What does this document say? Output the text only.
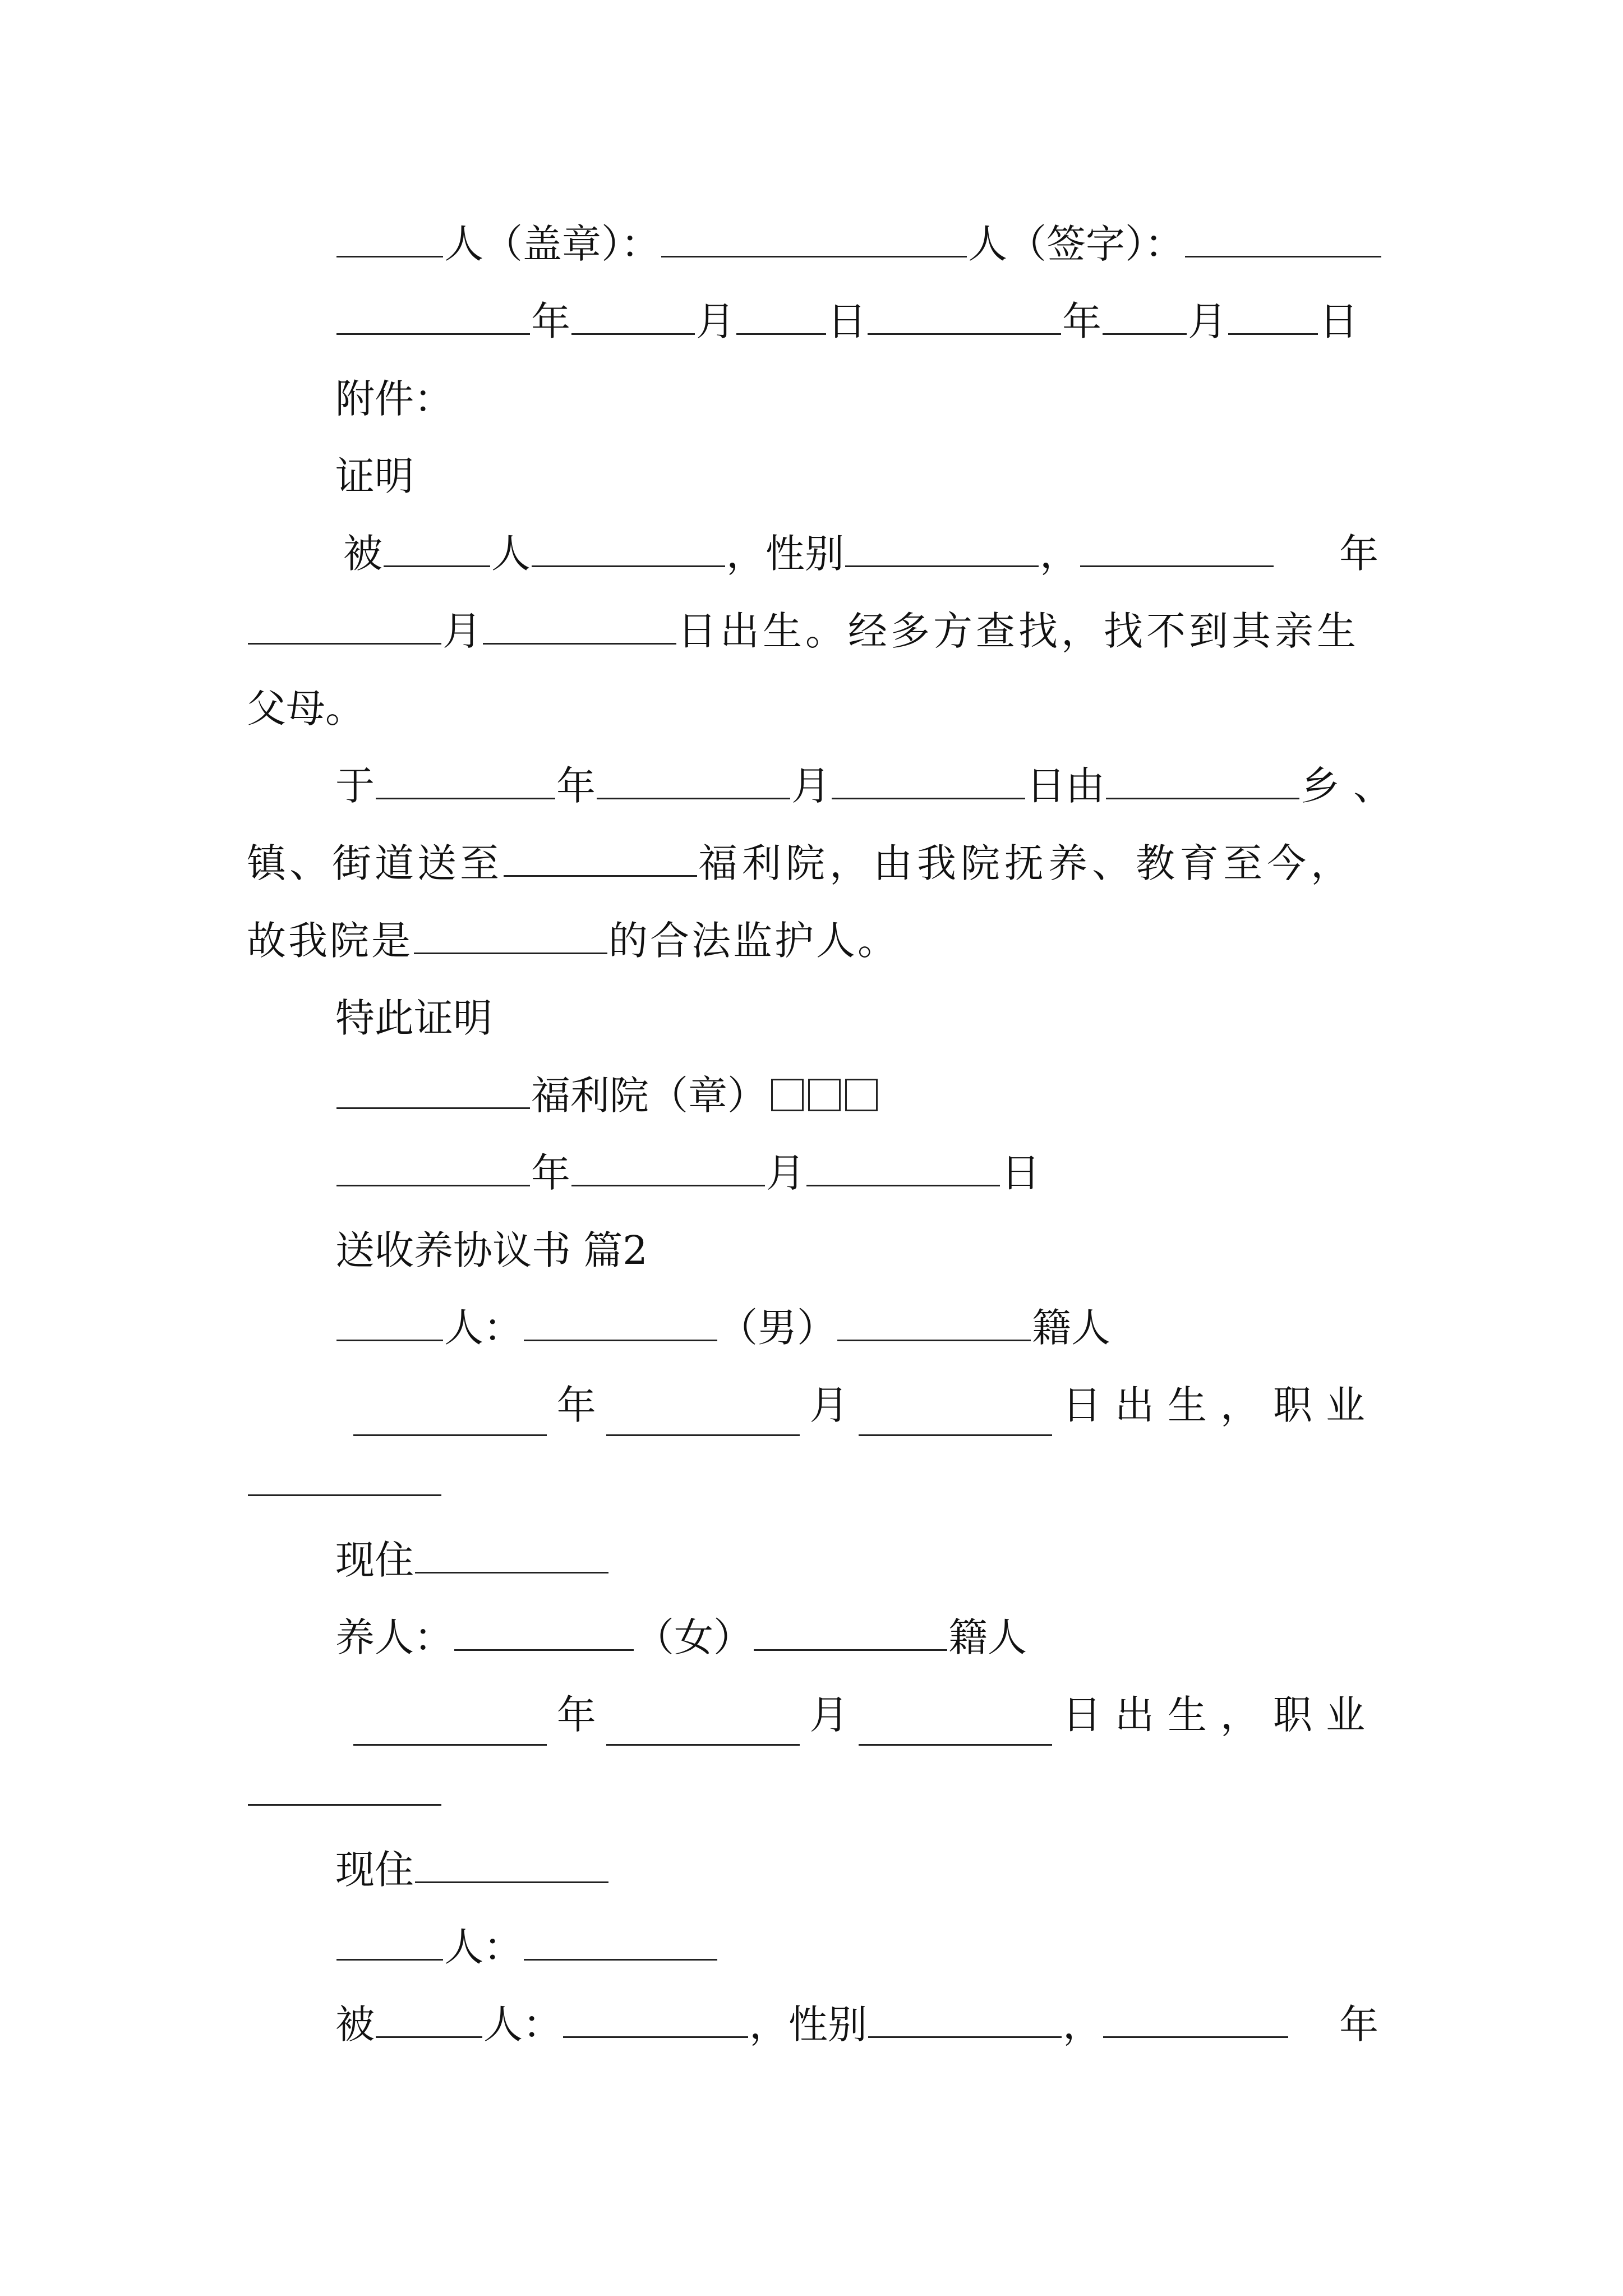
人（盖章）：	人（签字）：
年	月 日	年 月 日
附件：
证明
被	人	，性别	，	年
月	日出生。经多方查找，找不到其亲生
父母。
于	年	月	日由	乡、
镇、街道送至	福利院，由我院抚养、教育至今，
故我院是	的合法监护人。
特此证明
福利院（章）
年	月	日
送收养协议书 篇2
人：	（男）	籍人
年	月	日出生，职业
现住
养人：	（女）	籍人
年	月	日出生，职业
现住
人：
被	人：	，性别	，	年
